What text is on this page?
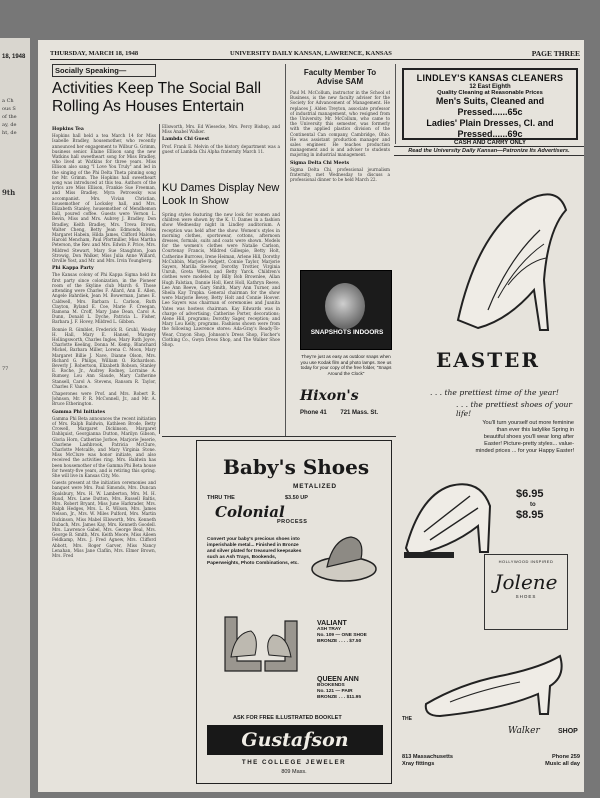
18, 1948
a Ch
ous S
of the
ay, de
ht, de
9th
77
THURSDAY, MARCH 18, 1948	UNIVERSITY DAILY KANSAN, LAWRENCE, KANSAS	PAGE THREE
Socially Speaking—
Activities Keep The Social Ball Rolling As Houses Entertain
Hopkins Tea

Hopkins hall held a tea March 14 for Miss Isabelle Bradley, housemother, who recently announced her engagement to Wilbur G. Grimm, business senior. Elaine Ellison sang the new Watkins hall sweetheart song for Miss Bradley, who lived at Watkins for three years. Miss Ellison also sang "I Love You Truly" and led in the singing of the Phi Delta Theta pinning song for Mr. Grimm. The Hopkins hall sweetheart song was introduced at this tea. Authors of the lyrics are Miss Ellison, Frankie Sue Freeman, and Miss Bradley. Myra Petrowsky was accompanist. Mrs. Vivian Christian, housemother of Locksley hall, and Mrs. Elizabeth Stanley, housemother of Mendhemon hall, poured coffee. Guests were Vernon L. Bevin, Miss and Mrs. Aubrey J. Bradley, Don Bradley, Keith Bradley, Mrs. Treva Brown, Walter Cheng, Betty Jean Edmonds, Miss Margaret Habein, Hilda James, Clifford Malone, Harold Mencham, Paul Pfortmiller, Miss Martha Peterson, the Rev. and Mrs. Edwin F. Price, Mrs. Mildred Stewart, Mary Sue Staughton, Joan Strowig, Don Walker, Miss Julia Anne Willard, Orville Yost, and Mr. and Mrs. Irvin Youngberg.

Phi Kappa Party

The Kansas colony of Phi Kappa Sigma held its first party since colonization, in the Pioneer room of the Skyline club March 6. Those attending were Charles F. Allard, Ann E. Allen, Angele Bahrdiek, Jean M. Bowerman, James E. Caldwell, Mrs. Barbara L. Carlson, Ruth Clayton, Ryland E. Coe, Marie F. Creegan, Ramona M. Croff, Mary Jane Dean, Carol A. Dunn, Donald L. Dyche, Patricia L. Fisher, Barbara J. F. Hovey, Mildred L. Gibbon.

Bonnie R. Gimblet, Frederick R. Gruhl, Wesley H. Hall, Mary E. Hansel, Margery Hollingsworth, Charles Ingles, Mary Ruth Joyce, Charlotte Keeling, Donna M. Kemp, Blanchard Mickel, Barbara Miller, Lorena C. Moon, Mary Margaret Billie J. Nave, Dianne Olson, Mrs. Richard G. Philips, William O. Richardson. Beverly J. Robertson, Elizabeth Robson, Stanley E. Roche, Jr., Audrey Rodney, Lorraine A. Rumsey, Lou Ann Slaude, Mary Catherine Stansell, Carol A. Stevens, Ransom R. Taylor, Charles F. Vance.

Chaperones were Prof. and Mrs. Robert R. Johnson, Mr. P. R. McConnell, Jr., and Mr. A. Bruce Etherington.

Gamma Phi Initiates

Gamma Phi Beta announces the recent initiation of Mrs. Ralph Baldwin, Kathleen Brode, Betty Crowell, Margaret Dickinson, Margaret Dahlquist, Georgianna Dutton, Marilyn Gibson, Gloria Horn, Catherine Jorboe, Marjorie Jeserie, Charlene Lashbrook, Patricia McClure, Charlotte Metcalfe, and Mary Virginia Stone. Miss McClure was honor initiate, and also received the activities ring. Mrs. Baldwin has been housemother of the Gamma Phi Beta house for twenty-five years, and is retiring this spring. She will live in Kansas City, Mo.

Guests present at the initiation ceremonies and banquet were Mrs. Paul Simonds, Mrs. Duncan Spalsbury, Mrs. H. W. Lamberton, Mrs. M. H. Ruud, Mrs. Lane Dutton, Mrs. Russell Baltis, Mrs. Robert Bryant, Miss June Harkrader, Mrs. Ralph Hedges, Mrs. L. R. Wilson, Mrs. James Nelson, Jr., Mrs. W. Miles Pulford, Mrs. Martin Dickinson, Miss Mabel Ellsworth, Mrs. Kenneth Dubach, Mrs. James Kay, Mrs. Kenneth Goodell. Mrs. Lawrence Gabel, Mrs. George Beal, Mrs. George B. Smith, Mrs. Keith Moore, Miss Aileen Feldkamp, Mrs. J. Fred Agnew, Mrs. Clifford Abbott, Mrs. Roger Garver, Miss Nancy Lenahan, Miss Jane Claflin, Mrs. Elmer Brown, Mrs. Fred

Ellsworth, Mrs. Ed Wiesecke, Mrs. Percy Bishop, and Miss Anabel Walker.

Lambda Chi Guest

Prof. Frank E. Melvin of the history department was a guest of Lambda Chi Alpha fraternity March 11.

KU Dames Display New Look In Show

Spring styles featuring the new look for women and children were shown by the K. U. Dames in a fashion show Wednesday night in Lindley auditorium. A reception was held after the show. Women's styles in morning clothes, sportswear, cottons, afternoon dresses, formals, suits and coats were shown. Models for the women's clothes were Natalie Carlson, Courtenay Francis, Mildred Gillespie, Betty Holt, Catherine Burrows, Irene Heiman, Arlene Hill, Dorothy McCubbin, Marjorie Padgett, Connie Taylor, Marjorie Sayers, Marilla Steever, Dorothy Trottier, Virginia Unruh, Greta Wetts, and Betty Yarck. Children's clothes were modeled by Billy Bob Brownlee, Allan Hugh Falstian, Dannie Holl, Kent Holl, Kathryn Reeve, Lee Ann Reeve, Gary Smith, Mary Ann Turner, and Sheila Kay Trupka. General chairman for the show were Marjorie Bevey, Betty Holt and Connie Hoover. Lee Sayers was chairman of ceremonies and Juanita Yates was hostess chairman. Kay Edwards was in charge of advertising; Catherine Porter, decorations; Alene Hill, programs; Dorothy Sager, reception; and Mary Lou Kelly, programs. Fashions shown were from the following Lawrence stores: Ada-Gray's Ready-To-Wear, Crayon Shop, Johnson's Dress Shop, Fischer's Clothing Co., Gwyn Dress Shop, and The Walker Shoe Shop.

Faculty Member To Advise SAM

Paul M. McCollum, instructor in the School of Business, is the new faculty adviser for the Society for Advancement of Management. He replaces J. Alden Treyton, associate professor of industrial management, who resigned from the University. Mr. McCollum, who came to the University this semester, was formerly with the applied plastics division of the Continental Can company, Cambridge, Ohio. He was assistant production manager and sales engineer. He teaches production management and is and adviser to students majoring in industrial management.

Sigma Delta Chi Meets

Sigma Delta Chi, professional journalism fraternity, met Wednesday to discuss a professional dinner to be held March 22.

LINDLEY'S KANSAS CLEANERS
12 East Eighth
Quality Cleaning at Reasonable Prices
Men's Suits, Cleaned and Pressed......65c
Ladies' Plain Dresses, Cl. and Pressed......69c
CASH AND CARRY ONLY
Read the University Daily Kansan—Patronize Its Advertisers.
SNAPSHOTS INDOORS
They're just as easy as outdoor snaps when you use Kodak film and photo lamps. See us today for your copy of the free folder, "Snaps Around the Clock"
Hixon's
Phone 41 721 Mass. St.
EASTER
. . . the prettiest time of the year!
. . . the prettiest shoes of your life!
You'll turn yourself out more feminine than ever this ladylike Spring in beautiful shoes you'll wear long after Easter! Picture-pretty styles... value-minded prices ... for your Happy Easter!
$6.95
to
$8.95
HOLLYWOOD INSPIRED
Jolene
SHOES
THE
Walker	SHOP
813 Massachusetts
Xray fittings
Phone 259
Music all day
Baby's Shoes
METALIZED
THRU THE	$3.50 UP
Colonial
PROCESS
Convert your baby's precious shoes into imperishable metal... Finished in Bronze and silver plated for treasured keepsakes such as Ash Trays, Bookends, Paperweights, Photo Combinations, etc.
VALIANT
ASH TRAY
No. 109 — ONE SHOE
BRONZE . . . . $7.50
QUEEN ANN
BOOKENDS
No. 121 — PAIR
BRONZE . . . $11.95
ASK FOR FREE ILLUSTRATED BOOKLET
Gustafson
THE COLLEGE JEWELER
809 Mass.
